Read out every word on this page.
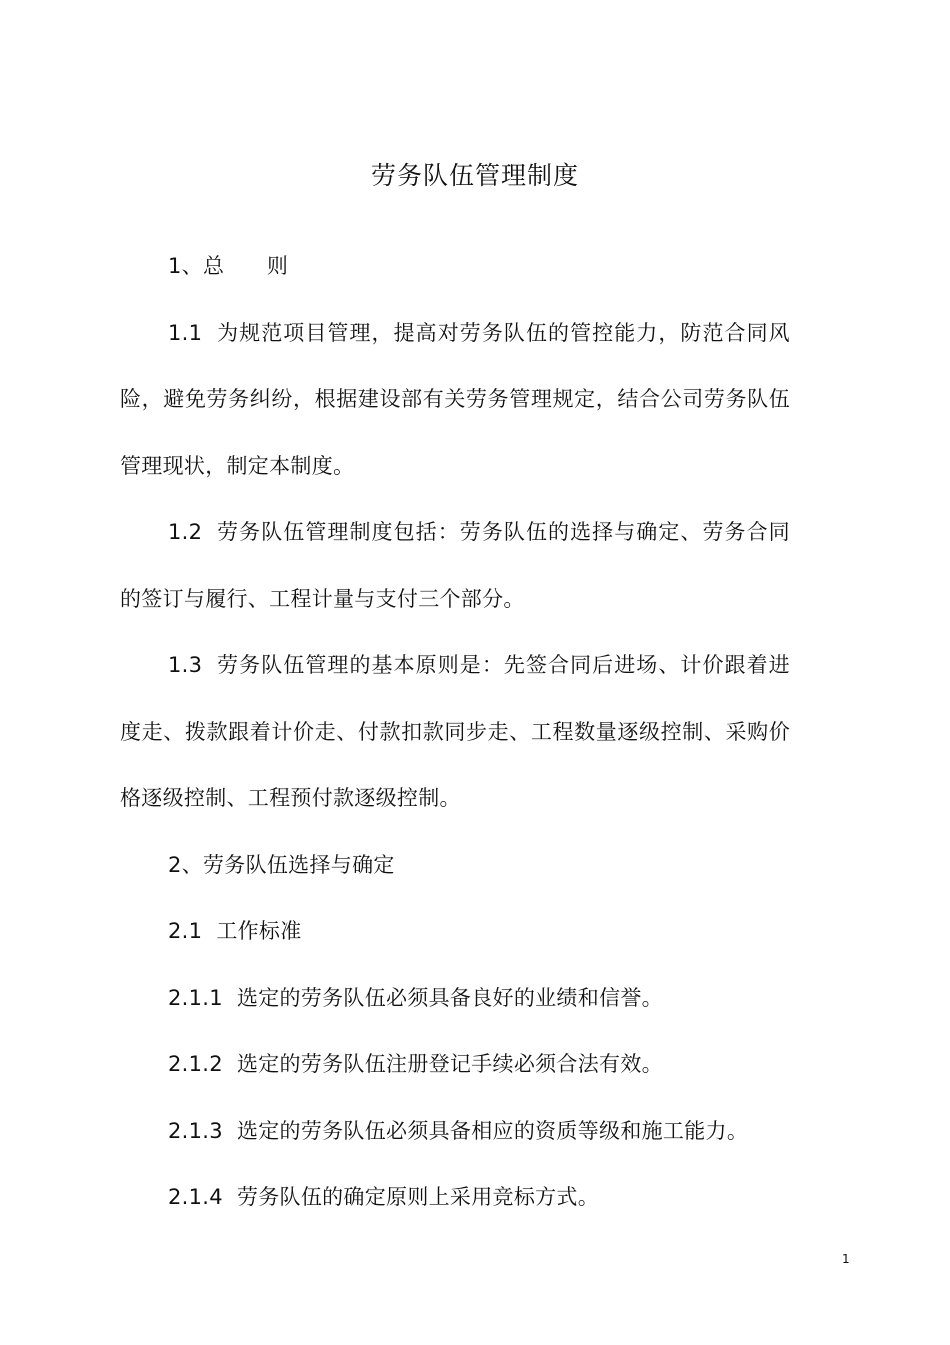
劳务队伍管理制度

1、总　　则

1.1 为规范项目管理，提高对劳务队伍的管控能力，防范合同风险，避免劳务纠纷，根据建设部有关劳务管理规定，结合公司劳务队伍管理现状，制定本制度。

1.2 劳务队伍管理制度包括：劳务队伍的选择与确定、劳务合同的签订与履行、工程计量与支付三个部分。

1.3 劳务队伍管理的基本原则是：先签合同后进场、计价跟着进度走、拨款跟着计价走、付款扣款同步走、工程数量逐级控制、采购价格逐级控制、工程预付款逐级控制。

2、劳务队伍选择与确定

2.1 工作标准

2.1.1 选定的劳务队伍必须具备良好的业绩和信誉。

2.1.2 选定的劳务队伍注册登记手续必须合法有效。

2.1.3 选定的劳务队伍必须具备相应的资质等级和施工能力。

2.1.4 劳务队伍的确定原则上采用竞标方式。

1
